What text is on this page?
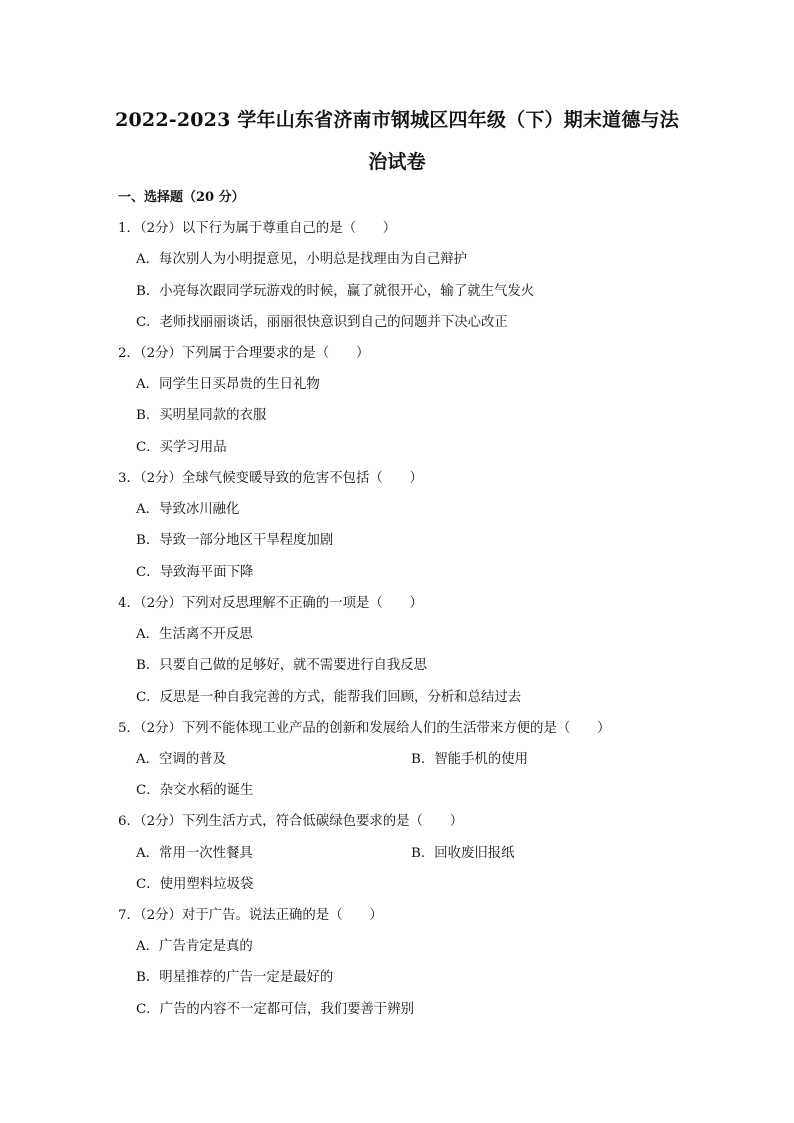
2022-2023 学年山东省济南市钢城区四年级（下）期末道德与法
治试卷
一、选择题（20 分）
1．（2分）以下行为属于尊重自己的是（　　）
A．每次别人为小明提意见，小明总是找理由为自己辩护
B．小亮每次跟同学玩游戏的时候，赢了就很开心，输了就生气发火
C．老师找丽丽谈话，丽丽很快意识到自己的问题并下决心改正
2．（2分）下列属于合理要求的是（　　）
A．同学生日买昂贵的生日礼物
B．买明星同款的衣服
C．买学习用品
3．（2分）全球气候变暖导致的危害不包括（　　）
A．导致冰川融化
B．导致一部分地区干旱程度加剧
C．导致海平面下降
4．（2分）下列对反思理解不正确的一项是（　　）
A．生活离不开反思
B．只要自己做的足够好，就不需要进行自我反思
C．反思是一种自我完善的方式，能帮我们回顾，分析和总结过去
5．（2分）下列不能体现工业产品的创新和发展给人们的生活带来方便的是（　　）
A．空调的普及	B．智能手机的使用
C．杂交水稻的诞生
6．（2分）下列生活方式，符合低碳绿色要求的是（　　）
A．常用一次性餐具	B．回收废旧报纸
C．使用塑料垃圾袋
7．（2分）对于广告。说法正确的是（　　）
A．广告肯定是真的
B．明星推荐的广告一定是最好的
C．广告的内容不一定都可信，我们要善于辨别
